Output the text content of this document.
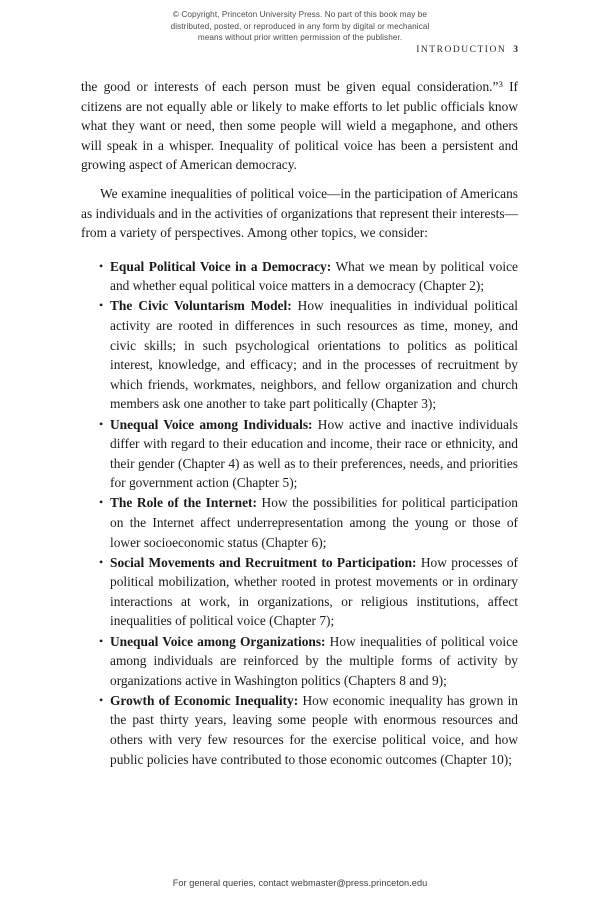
© Copyright, Princeton University Press. No part of this book may be
distributed, posted, or reproduced in any form by digital or mechanical
means without prior written permission of the publisher.
INTRODUCTION 3

the good or interests of each person must be given equal consideration.”$^3$ If citizens are not equally able or likely to make efforts to let public officials know what they want or need, then some people will wield a megaphone, and others will speak in a whisper. Inequality of political voice has been a persistent and growing aspect of American democracy.

We examine inequalities of political voice—in the participation of Americans as individuals and in the activities of organizations that represent their interests—from a variety of perspectives. Among other topics, we consider:

• Equal Political Voice in a Democracy: What we mean by political voice and whether equal political voice matters in a democracy (Chapter 2);
• The Civic Voluntarism Model: How inequalities in individual political activity are rooted in differences in such resources as time, money, and civic skills; in such psychological orientations to politics as political interest, knowledge, and efficacy; and in the processes of recruitment by which friends, workmates, neighbors, and fellow organization and church members ask one another to take part politically (Chapter 3);
• Unequal Voice among Individuals: How active and inactive individuals differ with regard to their education and income, their race or ethnicity, and their gender (Chapter 4) as well as to their preferences, needs, and priorities for government action (Chapter 5);
• The Role of the Internet: How the possibilities for political participation on the Internet affect underrepresentation among the young or those of lower socioeconomic status (Chapter 6);
• Social Movements and Recruitment to Participation: How processes of political mobilization, whether rooted in protest movements or in ordinary interactions at work, in organizations, or religious institutions, affect inequalities of political voice (Chapter 7);
• Unequal Voice among Organizations: How inequalities of political voice among individuals are reinforced by the multiple forms of activity by organizations active in Washington politics (Chapters 8 and 9);
• Growth of Economic Inequality: How economic inequality has grown in the past thirty years, leaving some people with enormous resources and others with very few resources for the exercise political voice, and how public policies have contributed to those economic outcomes (Chapter 10);
For general queries, contact webmaster@press.princeton.edu
